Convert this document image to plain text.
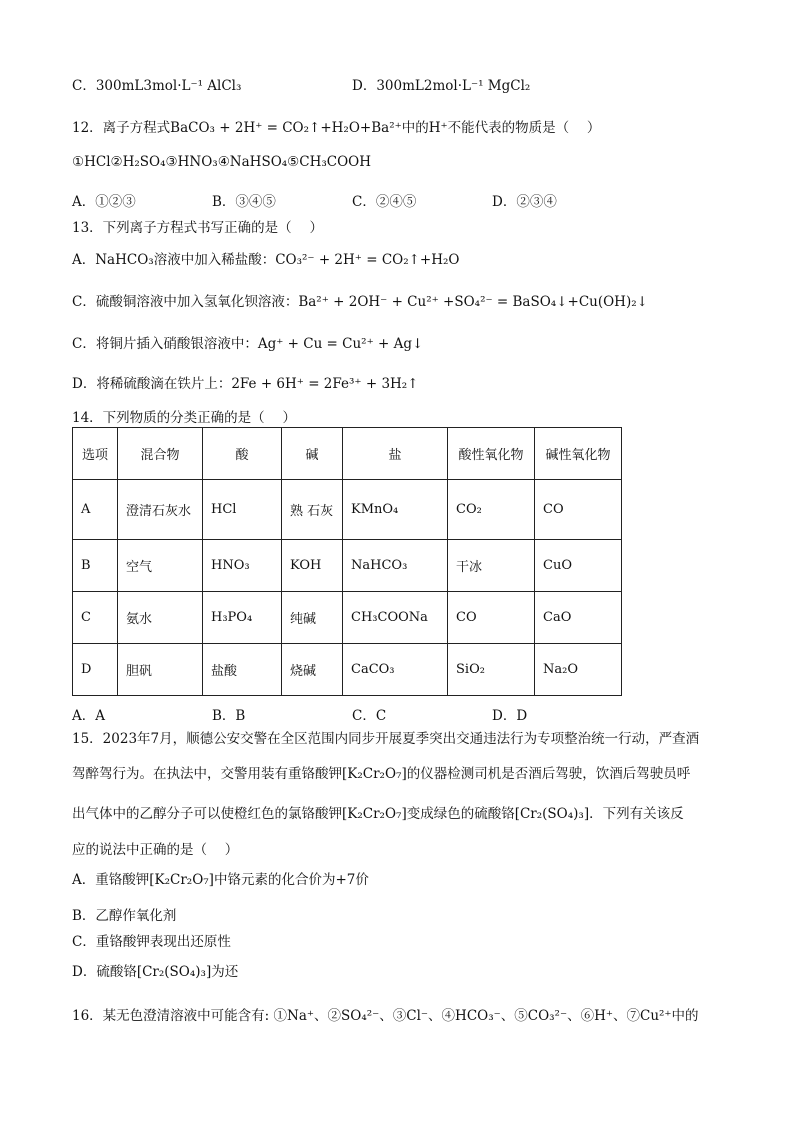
C．300mL3mol·L⁻¹ AlCl₃	D．300mL2mol·L⁻¹ MgCl₂
12．离子方程式BaCO₃ + 2H⁺ = CO₂↑+H₂O+Ba²⁺中的H⁺不能代表的物质是（　 ）
①HCl②H₂SO₄③HNO₃④NaHSO₄⑤CH₃COOH
A．①②③	B．③④⑤	C．②④⑤	D．②③④
13．下列离子方程式书写正确的是（　 ）
A．NaHCO₃溶液中加入稀盐酸：CO₃²⁻ + 2H⁺ = CO₂↑+H₂O
C．硫酸铜溶液中加入氢氧化钡溶液：Ba²⁺ + 2OH⁻ + Cu²⁺ +SO₄²⁻ = BaSO₄↓+Cu(OH)₂↓
C．将铜片插入硝酸银溶液中：Ag⁺ + Cu = Cu²⁺ + Ag↓
D．将稀硫酸滴在铁片上：2Fe + 6H⁺ = 2Fe³⁺ + 3H₂↑
14．下列物质的分类正确的是（　 ）
选项	混合物	酸	碱	盐	酸性氧化物	碱性氧化物
A	澄清石灰水	HCl	熟 石灰	KMnO₄	CO₂	CO
B	空气	HNO₃	KOH	NaHCO₃	干冰	CuO
C	氨水	H₃PO₄	纯碱	CH₃COONa	CO	CaO
D	胆矾	盐酸	烧碱	CaCO₃	SiO₂	Na₂O
A．A	B．B	C．C	D．D
15．2023年7月，顺德公安交警在全区范围内同步开展夏季突出交通违法行为专项整治统一行动，严查酒
驾醉驾行为。在执法中，交警用装有重铬酸钾[K₂Cr₂O₇]的仪器检测司机是否酒后驾驶，饮酒后驾驶员呼
出气体中的乙醇分子可以使橙红色的氯铬酸钾[K₂Cr₂O₇]变成绿色的硫酸铬[Cr₂(SO₄)₃]．下列有关该反
应的说法中正确的是（　 ）
A．重铬酸钾[K₂Cr₂O₇]中铬元素的化合价为+7价
B．乙醇作氧化剂
C．重铬酸钾表现出还原性
D．硫酸铬[Cr₂(SO₄)₃]为还
16．某无色澄清溶液中可能含有: ①Na⁺、②SO₄²⁻、③Cl⁻、④HCO₃⁻、⑤CO₃²⁻、⑥H⁺、⑦Cu²⁺中的
